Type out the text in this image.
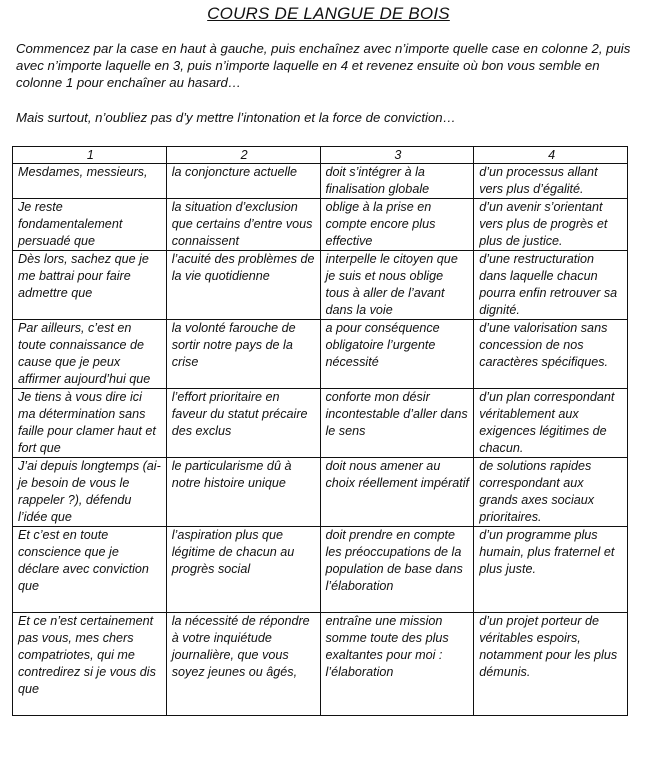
COURS DE LANGUE DE BOIS

Commencez par la case en haut à gauche, puis enchaînez avec n’importe quelle case en colonne 2, puis avec n’importe laquelle en 3, puis n’importe laquelle en 4 et revenez ensuite où bon vous semble en colonne 1 pour enchaîner au hasard…

Mais surtout, n’oubliez pas d’y mettre l’intonation et la force de conviction…

1	2	3	4

Mesdames, messieurs,	la conjoncture actuelle	doit s’intégrer à la finalisation globale	d’un processus allant vers plus d’égalité.

Je reste fondamentalement persuadé que	la situation d’exclusion que certains d’entre vous connaissent	oblige à la prise en compte encore plus effective	d’un avenir s’orientant vers plus de progrès et plus de justice.

Dès lors, sachez que je me battrai pour faire admettre que	l’acuité des problèmes de la vie quotidienne	interpelle le citoyen que je suis et nous oblige tous à aller de l’avant dans la voie	d’une restructuration dans laquelle chacun pourra enfin retrouver sa dignité.

Par ailleurs, c’est en toute connaissance de cause que je peux affirmer aujourd’hui que	la volonté farouche de sortir notre pays de la crise	a pour conséquence obligatoire l’urgente nécessité	d’une valorisation sans concession de nos caractères spécifiques.

Je tiens à vous dire ici ma détermination sans faille pour clamer haut et fort que	l’effort prioritaire en faveur du statut précaire des exclus	conforte mon désir incontestable d’aller dans le sens	d’un plan correspondant véritablement aux exigences légitimes de chacun.

J’ai depuis longtemps (ai-je besoin de vous le rappeler ?), défendu l’idée que	le particularisme dû à notre histoire unique	doit nous amener au choix réellement impératif	de solutions rapides correspondant aux grands axes sociaux prioritaires.

Et c’est en toute conscience que je déclare avec conviction que	l’aspiration plus que légitime de chacun au progrès social	doit prendre en compte les préoccupations de la population de base dans l’élaboration	d’un programme plus humain, plus fraternel et plus juste.

Et ce n’est certainement pas vous, mes chers compatriotes, qui me contredirez si je vous dis que	la nécessité de répondre à votre inquiétude journalière, que vous soyez jeunes ou âgés,	entraîne une mission somme toute des plus exaltantes pour moi : l’élaboration	d’un projet porteur de véritables espoirs, notamment pour les plus démunis.
